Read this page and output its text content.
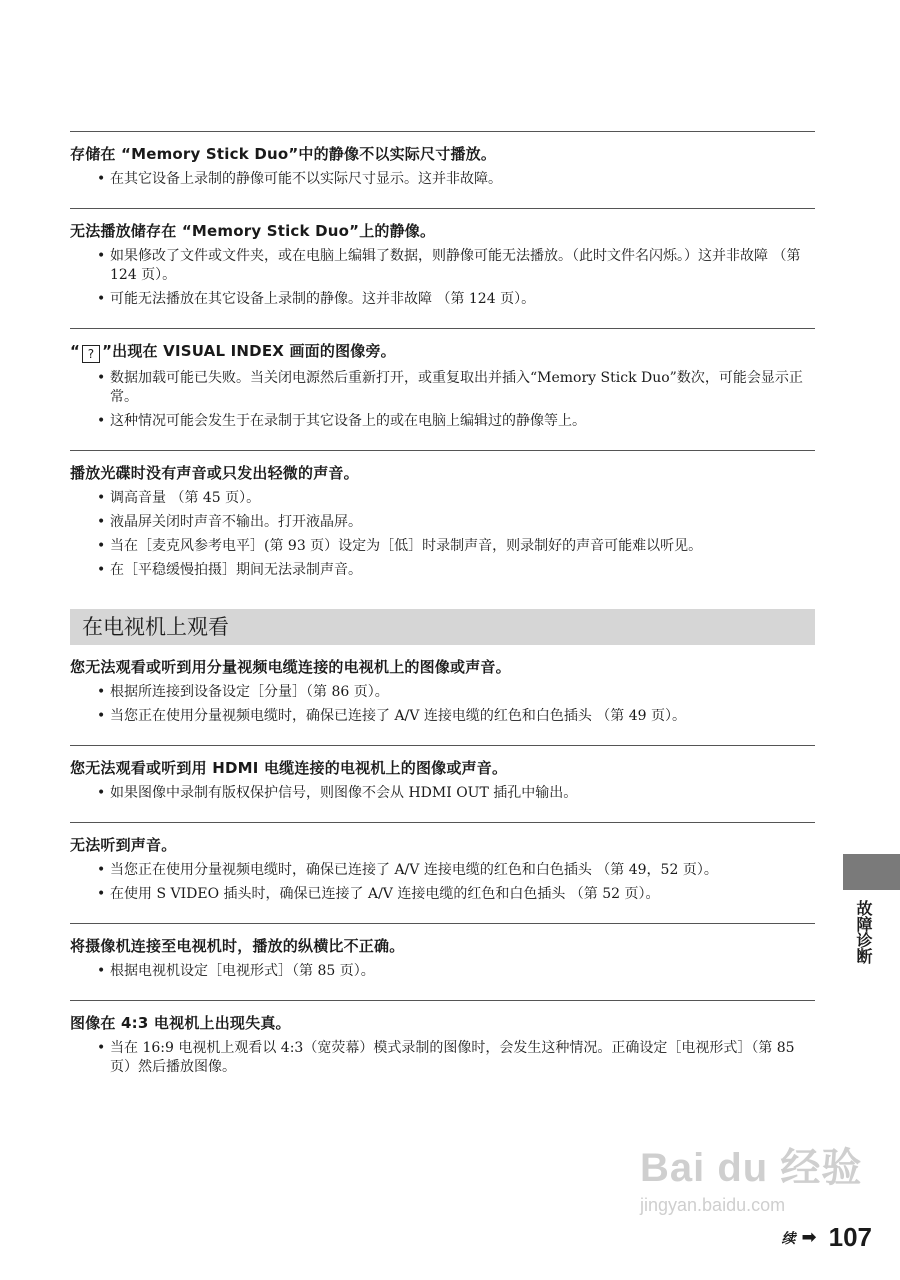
存储在 “Memory Stick Duo”中的静像不以实际尺寸播放。
• 在其它设备上录制的静像可能不以实际尺寸显示。这并非故障。
无法播放储存在 “Memory Stick Duo”上的静像。
• 如果修改了文件或文件夹，或在电脑上编辑了数据，则静像可能无法播放。（此时文件名闪烁。）这并非故障 （第 124 页）。
• 可能无法播放在其它设备上录制的静像。这并非故障 （第 124 页）。
“ ? ”出现在 VISUAL INDEX 画面的图像旁。
• 数据加载可能已失败。当关闭电源然后重新打开，或重复取出并插入“Memory Stick Duo”数次，可能会显示正常。
• 这种情况可能会发生于在录制于其它设备上的或在电脑上编辑过的静像等上。
播放光碟时没有声音或只发出轻微的声音。
• 调高音量 （第 45 页）。
• 液晶屏关闭时声音不输出。打开液晶屏。
• 当在［麦克风参考电平］(第 93 页）设定为［低］时录制声音，则录制好的声音可能难以听见。
• 在［平稳缓慢拍摄］期间无法录制声音。
在电视机上观看
您无法观看或听到用分量视频电缆连接的电视机上的图像或声音。
• 根据所连接到设备设定［分量］（第 86 页）。
• 当您正在使用分量视频电缆时，确保已连接了 A/V 连接电缆的红色和白色插头 （第 49 页）。
您无法观看或听到用 HDMI 电缆连接的电视机上的图像或声音。
• 如果图像中录制有版权保护信号，则图像不会从 HDMI OUT 插孔中输出。
无法听到声音。
• 当您正在使用分量视频电缆时，确保已连接了 A/V 连接电缆的红色和白色插头 （第 49，52 页）。
• 在使用 S VIDEO 插头时，确保已连接了 A/V 连接电缆的红色和白色插头 （第 52 页）。
将摄像机连接至电视机时，播放的纵横比不正确。
• 根据电视机设定［电视形式］（第 85 页）。
图像在 4:3 电视机上出现失真。
• 当在 16:9 电视机上观看以 4:3（宽荧幕）模式录制的图像时，会发生这种情况。正确设定［电视形式］（第 85 页）然后播放图像。
故障诊断
Bai du 经验
jingyan.baidu.com
续 ➡ 107
